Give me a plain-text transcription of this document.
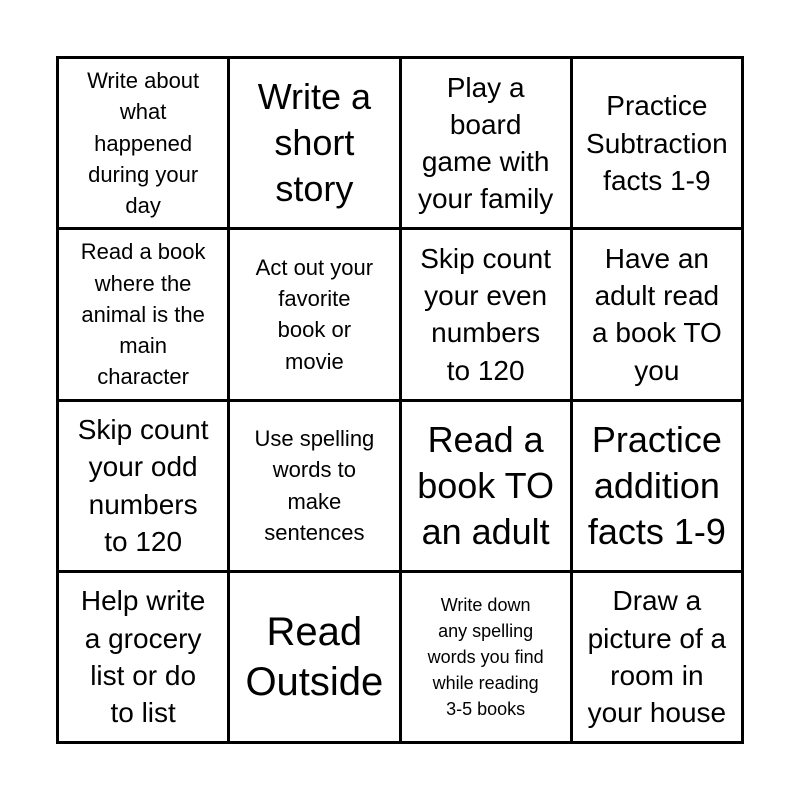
Write about
what
happened
during your
day
Write a
short
story
Play a
board
game with
your family
Practice
Subtraction
facts 1-9
Read a book
where the
animal is the
main
character
Act out your
favorite
book or
movie
Skip count
your even
numbers
to 120
Have an
adult read
a book TO
you
Skip count
your odd
numbers
to 120
Use spelling
words to
make
sentences
Read a
book TO
an adult
Practice
addition
facts 1-9
Help write
a grocery
list or do
to list
Read
Outside
Write down
any spelling
words you find
while reading
3-5 books
Draw a
picture of a
room in
your house
